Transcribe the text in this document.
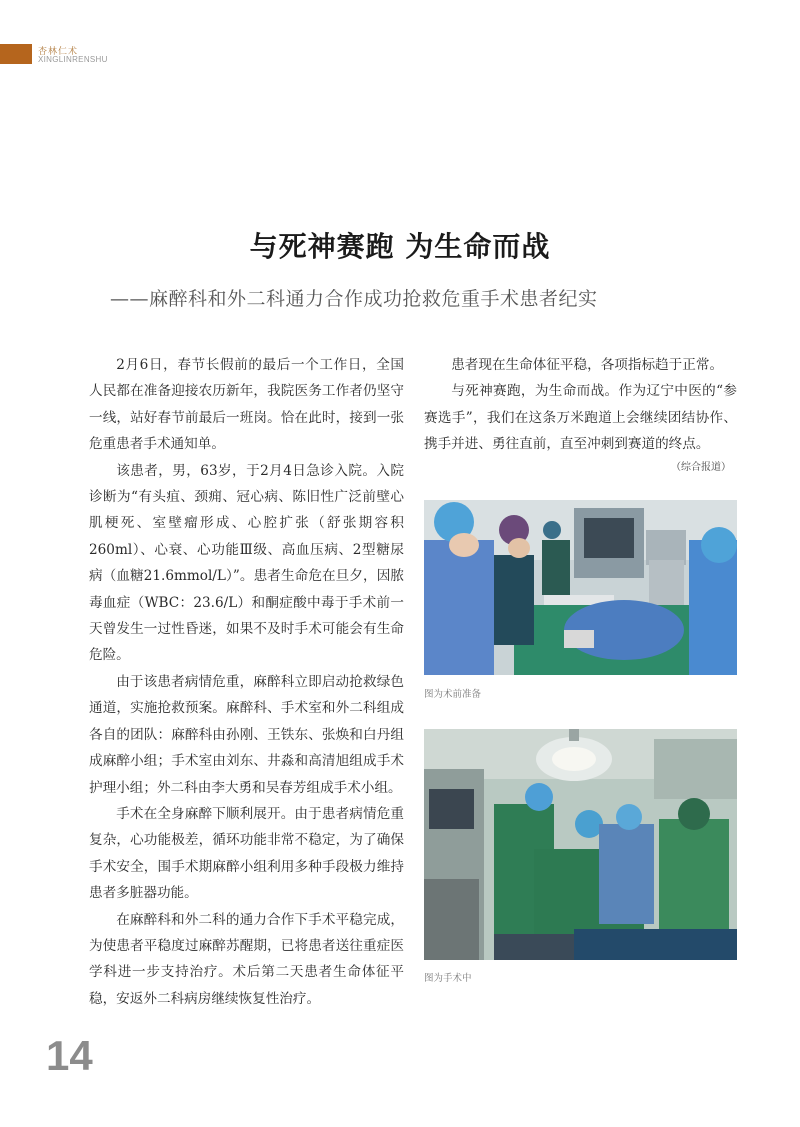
杏林仁术
XINGLINRENSHU
与死神赛跑 为生命而战
——麻醉科和外二科通力合作成功抢救危重手术患者纪实

2月6日，春节长假前的最后一个工作日，全国人民都在准备迎接农历新年，我院医务工作者仍坚守一线，站好春节前最后一班岗。恰在此时，接到一张危重患者手术通知单。

该患者，男，63岁，于2月4日急诊入院。入院诊断为“有头疽、颈痈、冠心病、陈旧性广泛前壁心肌梗死、室壁瘤形成、心腔扩张（舒张期容积260ml）、心衰、心功能Ⅲ级、高血压病、2型糖尿病（血糖21.6mmol/L）”。患者生命危在旦夕，因脓毒血症（WBC：23.6/L）和酮症酸中毒于手术前一天曾发生一过性昏迷，如果不及时手术可能会有生命危险。

由于该患者病情危重，麻醉科立即启动抢救绿色通道，实施抢救预案。麻醉科、手术室和外二科组成各自的团队：麻醉科由孙刚、王铁东、张焕和白丹组成麻醉小组；手术室由刘东、井淼和高清旭组成手术护理小组；外二科由李大勇和吴春芳组成手术小组。

手术在全身麻醉下顺利展开。由于患者病情危重复杂，心功能极差，循环功能非常不稳定，为了确保手术安全，围手术期麻醉小组利用多种手段极力维持患者多脏器功能。

在麻醉科和外二科的通力合作下手术平稳完成，为使患者平稳度过麻醉苏醒期，已将患者送往重症医学科进一步支持治疗。术后第二天患者生命体征平稳，安返外二科病房继续恢复性治疗。

患者现在生命体征平稳，各项指标趋于正常。

与死神赛跑，为生命而战。作为辽宁中医的“参赛选手”，我们在这条万米跑道上会继续团结协作、携手并进、勇往直前，直至冲刺到赛道的终点。

（综合报道）

图为术前准备
图为手术中
14
